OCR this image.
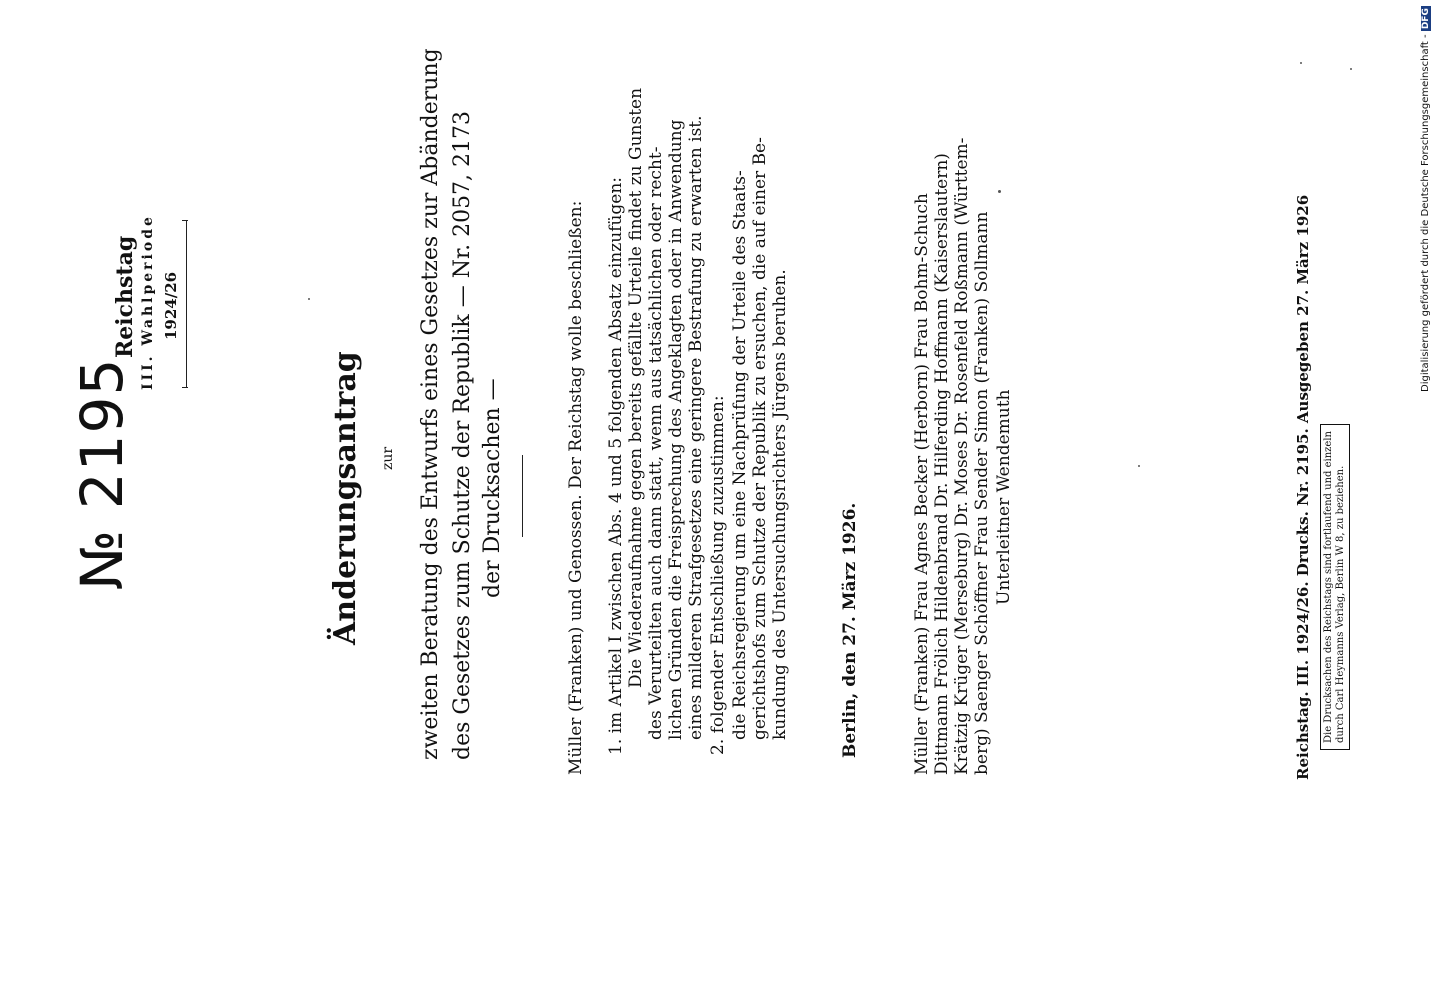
№ 2195
Reichstag III. Wahlperiode 1924/26
Änderungsantrag zur zweiten Beratung des Entwurfs eines Gesetzes zur Abänderung des Gesetzes zum Schutze der Republik — Nr. 2057, 2173 der Drucksachen —	Müller (Franken) und Genossen. Der Reichstag wolle beschließen: 1. im Artikel I zwischen Abs. 4 und 5 folgenden Absatz einzufügen: Die Wiederaufnahme gegen bereits gefällte Urteile findet zu Gunsten des Verurteilten auch dann statt, wenn aus tatsächlichen oder recht- lichen Gründen die Freisprechung des Angeklagten oder in Anwendung eines milderen Strafgesetzes eine geringere Bestrafung zu erwarten ist. 2. folgender Entschließung zuzustimmen: die Reichsregierung um eine Nachprüfung der Urteile des Staats- gerichtshofs zum Schutze der Republik zu ersuchen, die auf einer Be- kundung des Untersuchungsrichters Jürgens beruhen.	Berlin, den 27. März 1926.	Müller (Franken) Frau Agnes Becker (Herborn) Frau Bohm-Schuch Dittmann Frölich Hildenbrand Dr. Hilferding Hoffmann (Kaiserslautern) Krätzig Krüger (Merseburg) Dr. Moses Dr. Rosenfeld Roßmann (Württem- berg) Saenger Schöffner Frau Sender Simon (Franken) Sollmann Unterleitner Wendemuth	Reichstag. III. 1924/26. Drucks. Nr. 2195. Ausgegeben 27. März 1926 Die Drucksachen des Reichstags sind fortlaufend und einzeln durch Carl Heymanns Verlag, Berlin W 8, zu beziehen.
Digitalisierung gefördert durch die Deutsche Forschungsgemeinschaft - DFG
